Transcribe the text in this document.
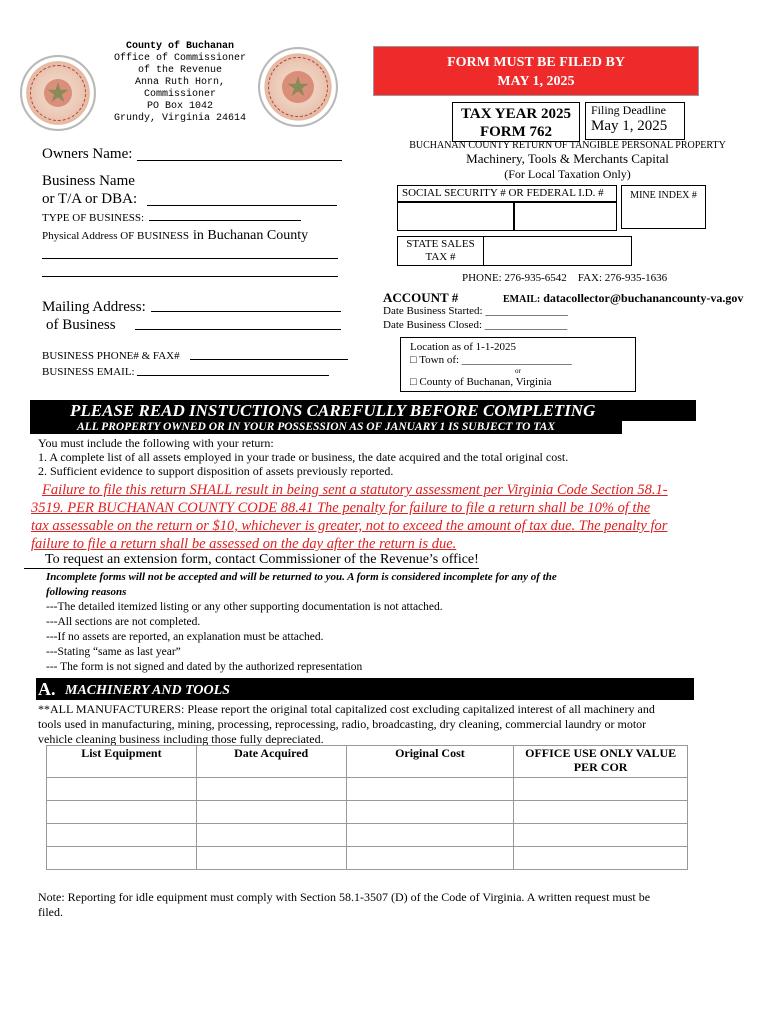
County of Buchanan
Office of Commissioner
of the Revenue
Anna Ruth Horn,
Commissioner
PO Box 1042
Grundy, Virginia 24614
FORM MUST BE FILED BY
MAY 1, 2025
TAX YEAR 2025
FORM 762
Filing Deadline
May 1, 2025
BUCHANAN COUNTY RETURN OF TANGIBLE PERSONAL PROPERTY
Machinery, Tools & Merchants Capital
(For Local Taxation Only)
SOCIAL SECURITY # OR FEDERAL I.D. #	MINE INDEX #
STATE SALES
TAX #
PHONE: 276-935-6542 FAX: 276-935-1636
ACCOUNT #	EMAIL: datacollector@buchanancounty-va.gov
Date Business Started: _______________
Date Business Closed: _______________
Location as of 1-1-2025
□ Town of: ____________________
or
□ County of Buchanan, Virginia
Owners Name:
Business Name
or T/A or DBA:
TYPE OF BUSINESS:
Physical Address OF BUSINESS in Buchanan County
Mailing Address:
of Business
BUSINESS PHONE# & FAX#
BUSINESS EMAIL:
PLEASE READ INSTUCTIONS CAREFULLY BEFORE COMPLETING
ALL PROPERTY OWNED OR IN YOUR POSSESSION AS OF JANUARY 1 IS SUBJECT TO TAX
You must include the following with your return:
1. A complete list of all assets employed in your trade or business, the date acquired and the total original cost.
2. Sufficient evidence to support disposition of assets previously reported.
Failure to file this return SHALL result in being sent a statutory assessment per Virginia Code Section 58.1-
3519. PER BUCHANAN COUNTY CODE 88.41 The penalty for failure to file a return shall be 10% of the
tax assessable on the return or $10, whichever is greater, not to exceed the amount of tax due. The penalty for
failure to file a return shall be assessed on the day after the return is due.
To request an extension form, contact Commissioner of the Revenue’s office!
Incomplete forms will not be accepted and will be returned to you. A form is considered incomplete for any of the
following reasons
---The detailed itemized listing or any other supporting documentation is not attached.
---All sections are not completed.
---If no assets are reported, an explanation must be attached.
---Stating “same as last year”
--- The form is not signed and dated by the authorized representation
A. MACHINERY AND TOOLS
**ALL MANUFACTURERS: Please report the original total capitalized cost excluding capitalized interest of all machinery and
tools used in manufacturing, mining, processing, reprocessing, radio, broadcasting, dry cleaning, commercial laundry or motor
vehicle cleaning business including those fully depreciated.
List Equipment	Date Acquired	Original Cost	OFFICE USE ONLY VALUE PER COR

Note: Reporting for idle equipment must comply with Section 58.1-3507 (D) of the Code of Virginia. A written request must be
filed.
